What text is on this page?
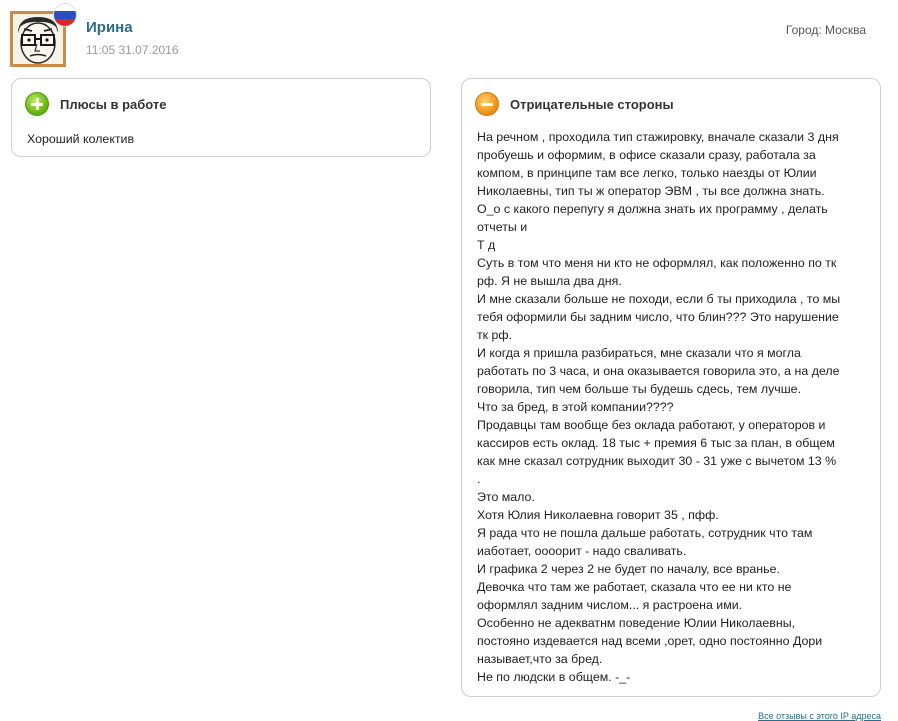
Ирина
11:05 31.07.2016
Город: Москва
Плюсы в работе
Хороший колектив
Отрицательные стороны
На речном , проходила тип стажировку, вначале сказали 3 дня
пробуешь и оформим, в офисе сказали сразу, работала за
компом, в принципе там все легко, только наезды от Юлии
Николаевны, тип ты ж оператор ЭВМ , ты все должна знать.
О_о с какого перепугу я должна знать их программу , делать
отчеты и
Т д
Суть в том что меня ни кто не оформлял, как положенно по тк
рф. Я не вышла два дня.
И мне сказали больше не походи, если б ты приходила , то мы
тебя оформили бы задним число, что блин??? Это нарушение
тк рф.
И когда я пришла разбираться, мне сказали что я могла
работать по 3 часа, и она оказывается говорила это, а на деле
говорила, тип чем больше ты будешь сдесь, тем лучше.
Что за бред, в этой компании????
Продавцы там вообще без оклада работают, у операторов и
кассиров есть оклад. 18 тыс + премия 6 тыс за план, в общем
как мне сказал сотрудник выходит 30 - 31 уже с вычетом 13 %
.
Это мало.
Хотя Юлия Николаевна говорит 35 , пфф.
Я рада что не пошла дальше работать, сотрудник что там
иаботает, оооорит - надо сваливать.
И графика 2 через 2 не будет по началу, все вранье.
Девочка что там же работает, сказала что ее ни кто не
оформлял задним числом... я растроена ими.
Особенно не адекватнм поведение Юлии Николаевны,
постояно издевается над всеми ,орет, одно постоянно Дори
называет,что за бред.
Не по людски в общем. -_-
Все отзывы с этого IP адреса
